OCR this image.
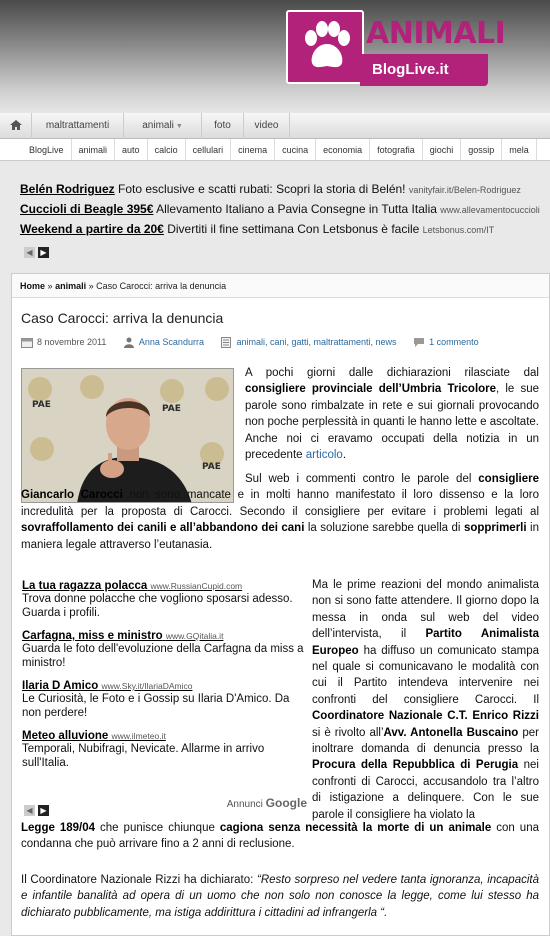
ANIMALI
BlogLive.it
maltrattamenti	animali ▼	foto	video
BlogLive animali auto calcio cellulari cinema cucina economia fotografia giochi gossip mela
Belén Rodriguez Foto esclusive e scatti rubati: Scopri la storia di Belén! vanityfair.it/Belen-Rodriguez
Cuccioli di Beagle 395€ Allevamento Italiano a Pavia Consegne in Tutta Italia www.allevamentocuccioli
Weekend a partire da 20€ Divertiti il fine settimana Con Letsbonus è facile Letsbonus.com/IT
◀ ▶
Home » animali » Caso Carocci: arriva la denuncia
Caso Carocci: arriva la denuncia
8 novembre 2011	Anna Scandurra	animali, cani, gatti, maltrattamenti, news	1 commento
PAE	PAE
PAE
A pochi giorni dalle dichiarazioni rilasciate dal consigliere provinciale dell’Umbria Tricolore, le sue parole sono rimbalzate in rete e sui giornali provocando non poche perplessità in quanti le hanno lette e ascoltate. Anche noi ci eravamo occupati della notizia in un precedente articolo.
Sul web i commenti contro le parole del consigliere Giancarlo Carocci non sono mancate e in molti hanno manifestato il loro dissenso e la loro incredulità per la proposta di Carocci. Secondo il consigliere per evitare i problemi legati al sovraffollamento dei canili e all’abbandono dei cani la soluzione sarebbe quella di sopprimerli in maniera legale attraverso l’eutanasia.
La tua ragazza polacca www.RussianCupid.com
Trova donne polacche che vogliono sposarsi adesso. Guarda i profili.
Carfagna, miss e ministro www.GQitalia.it
Guarda le foto dell'evoluzione della Carfagna da miss a ministro!
Ilaria D Amico www.Sky.it/IlariaDAmico
Le Curiosità, le Foto e i Gossip su Ilaria D'Amico. Da non perdere!
Meteo alluvione www.ilmeteo.it
Temporali, Nubifragi, Nevicate. Allarme in arrivo sull'Italia.
◀ ▶
Annunci Google
Ma le prime reazioni del mondo animalista non si sono fatte attendere. Il giorno dopo la messa in onda sul web del video dell’intervista, il Partito Animalista Europeo ha diffuso un comunicato stampa nel quale si comunicavano le modalità con cui il Partito intendeva intervenire nei confronti del consigliere Carocci. Il Coordinatore Nazionale C.T. Enrico Rizzi si è rivolto all’Avv. Antonella Buscaino per inoltrare domanda di denuncia presso la Procura della Repubblica di Perugia nei confronti di Carocci, accusandolo tra l’altro di istigazione a delinquere. Con le sue parole il consigliere ha violato la
Legge 189/04 che punisce chiunque cagiona senza necessità la morte di un animale con una condanna che può arrivare fino a 2 anni di reclusione.
Il Coordinatore Nazionale Rizzi ha dichiarato: “Resto sorpreso nel vedere tanta ignoranza, incapacità e infantile banalità ad opera di un uomo che non solo non conosce la legge, come lui stesso ha dichiarato pubblicamente, ma istiga addirittura i cittadini ad infrangerla “.
